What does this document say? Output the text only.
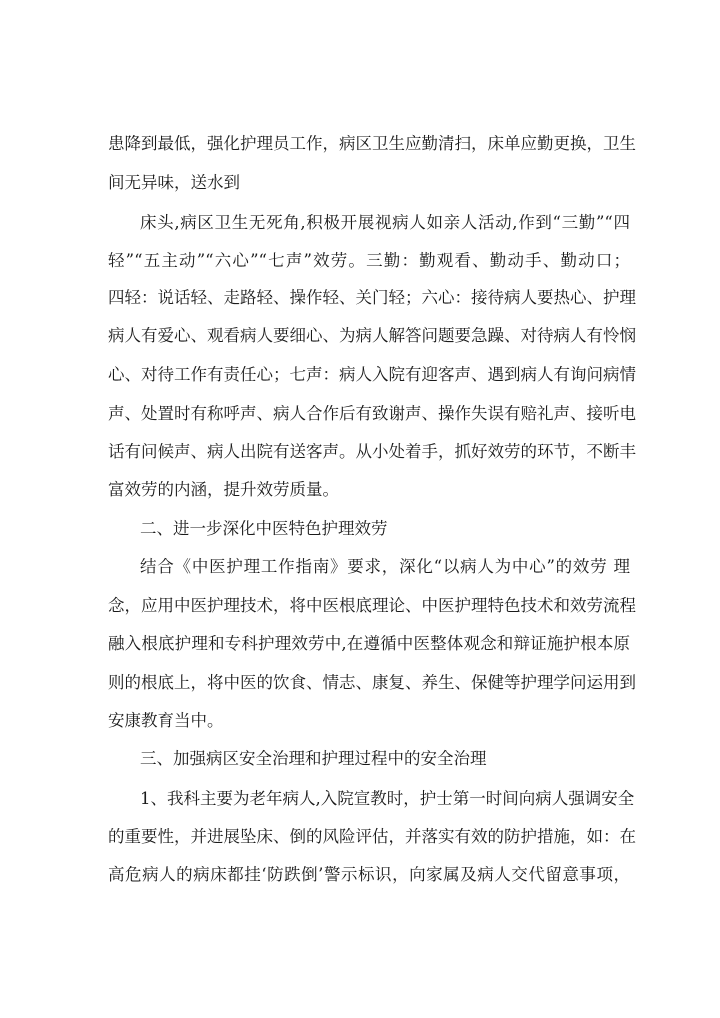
患降到最低，强化护理员工作，病区卫生应勤清扫，床单应勤更换，卫生
间无异味，送水到
床头,病区卫生无死角,积极开展视病人如亲人活动,作到“三勤”“四
轻”“五主动”“六心”“七声”效劳。三勤：勤观看、勤动手、勤动口；
四轻：说话轻、走路轻、操作轻、关门轻；六心：接待病人要热心、护理
病人有爱心、观看病人要细心、为病人解答问题要急躁、对待病人有怜悯
心、对待工作有责任心；七声：病人入院有迎客声、遇到病人有询问病情
声、处置时有称呼声、病人合作后有致谢声、操作失误有赔礼声、接听电
话有问候声、病人出院有送客声。从小处着手，抓好效劳的环节，不断丰
富效劳的内涵，提升效劳质量。
二、进一步深化中医特色护理效劳
结合《中医护理工作指南》要求，深化“以病人为中心”的效劳 理
念，应用中医护理技术，将中医根底理论、中医护理特色技术和效劳流程
融入根底护理和专科护理效劳中,在遵循中医整体观念和辩证施护根本原
则的根底上，将中医的饮食、情志、康复、养生、保健等护理学问运用到
安康教育当中。
三、加强病区安全治理和护理过程中的安全治理
1、我科主要为老年病人,入院宣教时，护士第一时间向病人强调安全
的重要性，并进展坠床、倒的风险评估，并落实有效的防护措施，如：在
高危病人的病床都挂‘防跌倒’警示标识，向家属及病人交代留意事项，
